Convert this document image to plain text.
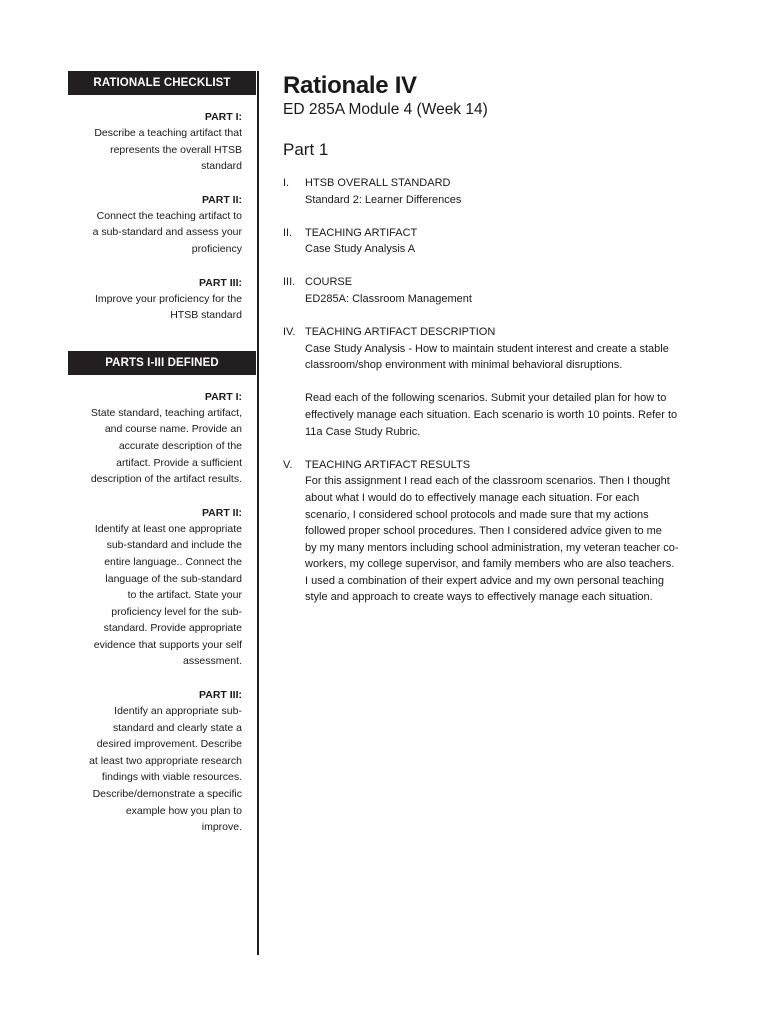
RATIONALE CHECKLIST
PART I:
Describe a teaching artifact that
represents the overall HTSB
standard
PART II:
Connect the teaching artifact to
a sub-standard and assess your
proficiency
PART III:
Improve your proficiency for the
HTSB standard
PARTS I-III DEFINED
PART I:
State standard, teaching artifact,
and course name. Provide an
accurate description of the
artifact. Provide a sufficient
description of the artifact results.
PART II:
Identify at least one appropriate
sub-standard and include the
entire language.. Connect the
language of the sub-standard
to the artifact. State your
proficiency level for the sub-
standard. Provide appropriate
evidence that supports your self
assessment.
PART III:
Identify an appropriate sub-
standard and clearly state a
desired improvement. Describe
at least two appropriate research
findings with viable resources.
Describe/demonstrate a specific
example how you plan to
improve.
Rationale IV
ED 285A Module 4 (Week 14)
Part 1
I.	HTSB OVERALL STANDARD
Standard 2: Learner Differences
II.	TEACHING ARTIFACT
Case Study Analysis A
III. COURSE
ED285A: Classroom Management
IV. TEACHING ARTIFACT DESCRIPTION
Case Study Analysis - How to maintain student interest and create a stable
classroom/shop environment with minimal behavioral disruptions.
Read each of the following scenarios. Submit your detailed plan for how to
effectively manage each situation. Each scenario is worth 10 points. Refer to
11a Case Study Rubric.
V.	TEACHING ARTIFACT RESULTS
For this assignment I read each of the classroom scenarios. Then I thought
about what I would do to effectively manage each situation. For each
scenario, I considered school protocols and made sure that my actions
followed proper school procedures. Then I considered advice given to me
by my many mentors including school administration, my veteran teacher co-
workers, my college supervisor, and family members who are also teachers.
I used a combination of their expert advice and my own personal teaching
style and approach to create ways to effectively manage each situation.
